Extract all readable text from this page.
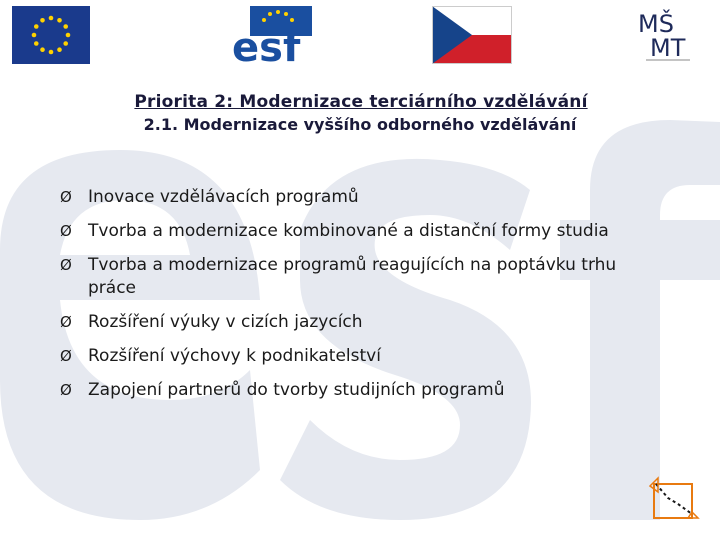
esf
MŠ
MT
Priorita 2: Modernizace terciárního vzdělávání
2.1. Modernizace vyššího odborného vzdělávání
Ø Inovace vzdělávacích programů
Ø Tvorba a modernizace kombinované a distanční formy studia
Ø Tvorba a modernizace programů reagujících na poptávku trhu práce
Ø Rozšíření výuky v cizích jazycích
Ø Rozšíření výchovy k podnikatelství
Ø Zapojení partnerů do tvorby studijních programů
